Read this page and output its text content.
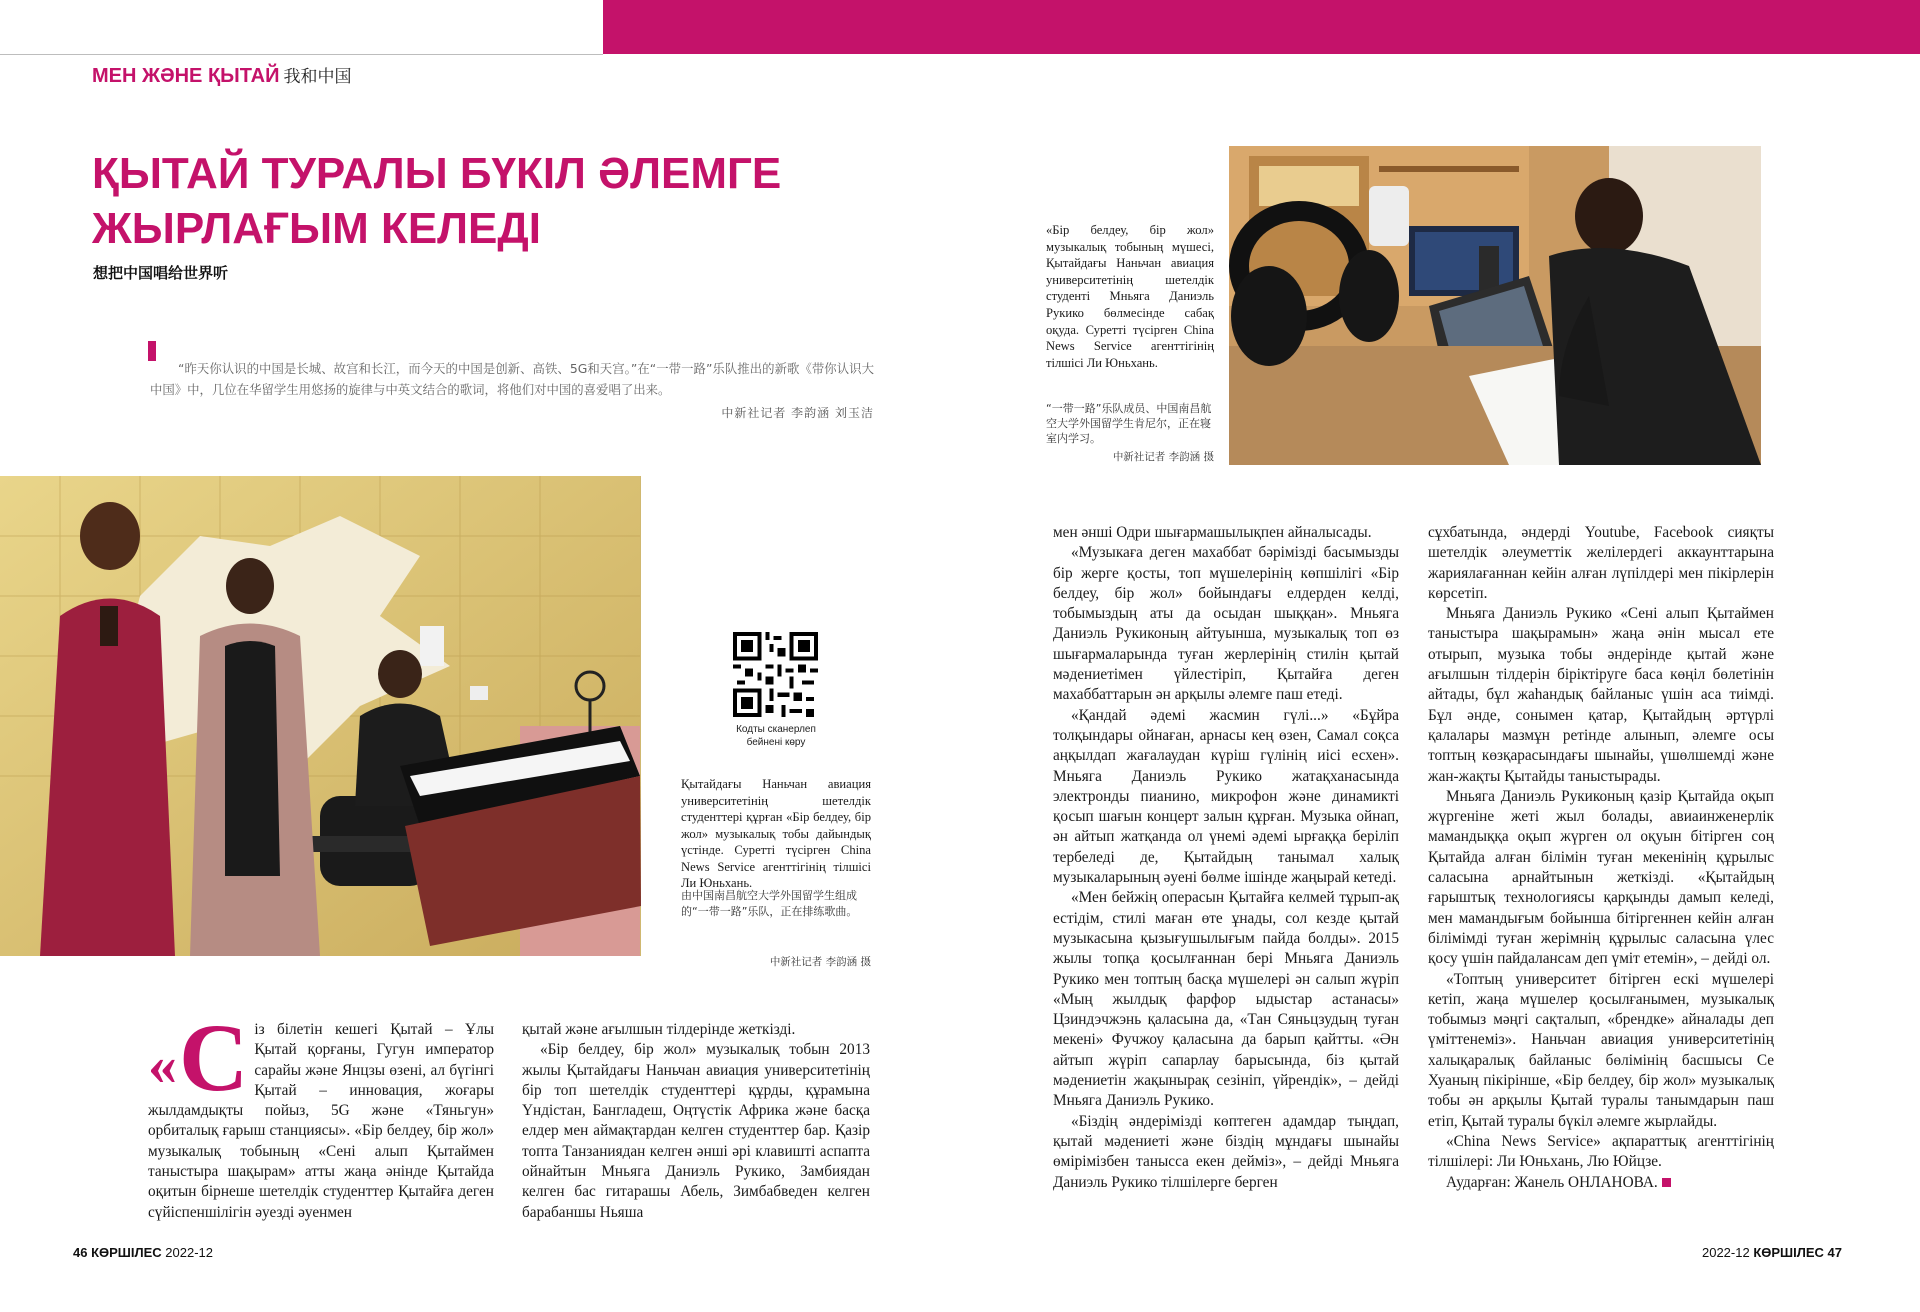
МЕН ЖӘНЕ ҚЫТАЙ 我和中国
ҚЫТАЙ ТУРАЛЫ БҮКІЛ ӘЛЕМГЕ
ЖЫРЛАҒЫМ КЕЛЕДІ
想把中国唱给世界听
“昨天你认识的中国是长城、故宫和长江，而今天的中国是创新、高铁、5G和天宫。”在“一带一路”乐队推出的新歌《带你认识大中国》中，几位在华留学生用悠扬的旋律与中英文结合的歌词，将他们对中国的喜爱唱了出来。
中新社记者 李韵涵 刘玉洁
Кодты сканерлеп бейнені көру
Қытайдағы Наньчан авиация университетінің шетелдік студенттері құрған «Бір белдеу, бір жол» музыкалық тобы дайындық үстінде. Суретті түсірген China News Service агенттігінің тілшісі Ли Юньхань.
由中国南昌航空大学外国留学生组成的“一带一路”乐队，正在排练歌曲。
中新社记者 李韵涵 摄
«Бір белдеу, бір жол» музыкалық тобының мүшесі, Қытайдағы Наньчан авиация университетінің шетелдік студенті Мньяга Даниэль Рукико бөлмесінде сабақ оқуда. Суретті түсірген China News Service агенттігінің тілшісі Ли Юньхань.
“一带一路”乐队成员、中国南昌航空大学外国留学生肯尼尔，正在寝室内学习。
中新社记者 李韵涵 摄

« С із білетін кешегі Қытай – Ұлы Қытай қорғаны, Гугун император сарайы және Янцзы өзені, ал бүгінгі Қытай – инновация, жоғары жылдамдықты пойыз, 5G және «Тяньгун» орбиталық ғарыш станциясы». «Бір белдеу, бір жол» музыкалық тобының «Сені алып Қытаймен таныстыра шақырам» атты жаңа әнінде Қытайда оқитын бірнеше шетелдік студенттер Қытайға деген сүйіспеншілігін әуезді әуенмен

қытай және ағылшын тілдерінде жеткізді.

«Бір белдеу, бір жол» музыкалық тобын 2013 жылы Қытайдағы Наньчан авиация университетінің бір топ шетелдік студенттері құрды, құрамына Үндістан, Бангладеш, Оңтүстік Африка және басқа елдер мен аймақтардан келген студенттер бар. Қазір топта Танзаниядан келген әнші әрі клавишті аспапта ойнайтын Мньяга Даниэль Рукико, Замбиядан келген бас гитарашы Абель, Зимбабведен келген барабаншы Ньяша

мен әнші Одри шығармашылықпен айналысады.

«Музыкаға деген махаббат бәрімізді басымызды бір жерге қосты, топ мүшелерінің көпшілігі «Бір белдеу, бір жол» бойындағы елдерден келді, тобымыздың аты да осыдан шыққан». Мньяга Даниэль Рукиконың айтуынша, музыкалық топ өз шығармаларында туған жерлерінің стилін қытай мәдениетімен үйлестіріп, Қытайға деген махаббаттарын ән арқылы әлемге паш етеді.

«Қандай әдемі жасмин гүлі...» «Бұйра толқындары ойнаған, арнасы кең өзен, Самал соқса аңқылдап жағалаудан күріш гүлінің иісі есхен». Мньяга Даниэль Рукико жатақханасында электронды пианино, микрофон және динамикті қосып шағын концерт залын құрған. Музыка ойнап, ән айтып жатқанда ол үнемі әдемі ырғаққа беріліп тербеледі де, Қытайдың танымал халық музыкаларының әуені бөлме ішінде жаңырай кетеді.

«Мен бейжің операсын Қытайға келмей тұрып-ақ естідім, стилі маған өте ұнады, сол кезде қытай музыкасына қызығушылығым пайда болды». 2015 жылы топқа қосылғаннан бері Мньяга Даниэль Рукико мен топтың басқа мүшелері ән салып жүріп «Мың жылдық фарфор ыдыстар астанасы» Цзиндэчжэнь қаласына да, «Тан Сяньцзудың туған мекені» Фучжоу қаласына да барып қайтты. «Ән айтып жүріп сапарлау барысында, біз қытай мәдениетін жақынырақ сезініп, үйрендік», – дейді Мньяга Даниэль Рукико.

«Біздің әндерімізді көптеген адамдар тыңдап, қытай мәдениеті және біздің мұндағы шынайы өмірімізбен танысса екен дейміз», – дейді Мньяга Даниэль Рукико тілшілерге берген

сұхбатында, әндерді Youtube, Facebook сияқты шетелдік әлеуметтік желілердегі аккаунттарына жариялағаннан кейін алған лүпілдері мен пікірлерін көрсетіп.

Мньяга Даниэль Рукико «Сені алып Қытаймен таныстыра шақырамын» жаңа әнін мысал ете отырып, музыка тобы әндерінде қытай және ағылшын тілдерін біріктіруге баса көңіл бөлетінін айтады, бұл жаһандық байланыс үшін аса тиімді. Бұл әнде, сонымен қатар, Қытайдың әртүрлі қалалары мазмұн ретінде алынып, әлемге осы топтың көзқарасындағы шынайы, үшөлшемді және жан-жақты Қытайды таныстырады.

Мньяга Даниэль Рукиконың қазір Қытайда оқып жүргеніне жеті жыл болады, авиаинженерлік мамандыққа оқып жүрген ол оқуын бітірген соң Қытайда алған білімін туған мекенінің құрылыс саласына арнайтынын жеткізді. «Қытайдың ғарыштық технологиясы қарқынды дамып келеді, мен мамандығым бойынша бітіргеннен кейін алған білімімді туған жерімнің құрылыс саласына үлес қосу үшін пайдалансам деп үміт етемін», – дейді ол.

«Топтың университет бітірген ескі мүшелері кетіп, жаңа мүшелер қосылғанымен, музыкалық тобымыз мәңгі сақталып, «брендке» айналады деп үміттенеміз». Наньчан авиация университетінің халықаралық байланыс бөлімінің басшысы Се Хуаның пікірінше, «Бір белдеу, бір жол» музыкалық тобы ән арқылы Қытай туралы танымдарын паш етіп, Қытай туралы бүкіл әлемге жырлайды.

«China News Service» ақпараттық агенттігінің тілшілері: Ли Юньхань, Лю Юйцзе.

Аударған: Жанель ОНЛАНОВА.

46 КӨРШІЛЕС 2022-12	2022-12 КӨРШІЛЕС 47
